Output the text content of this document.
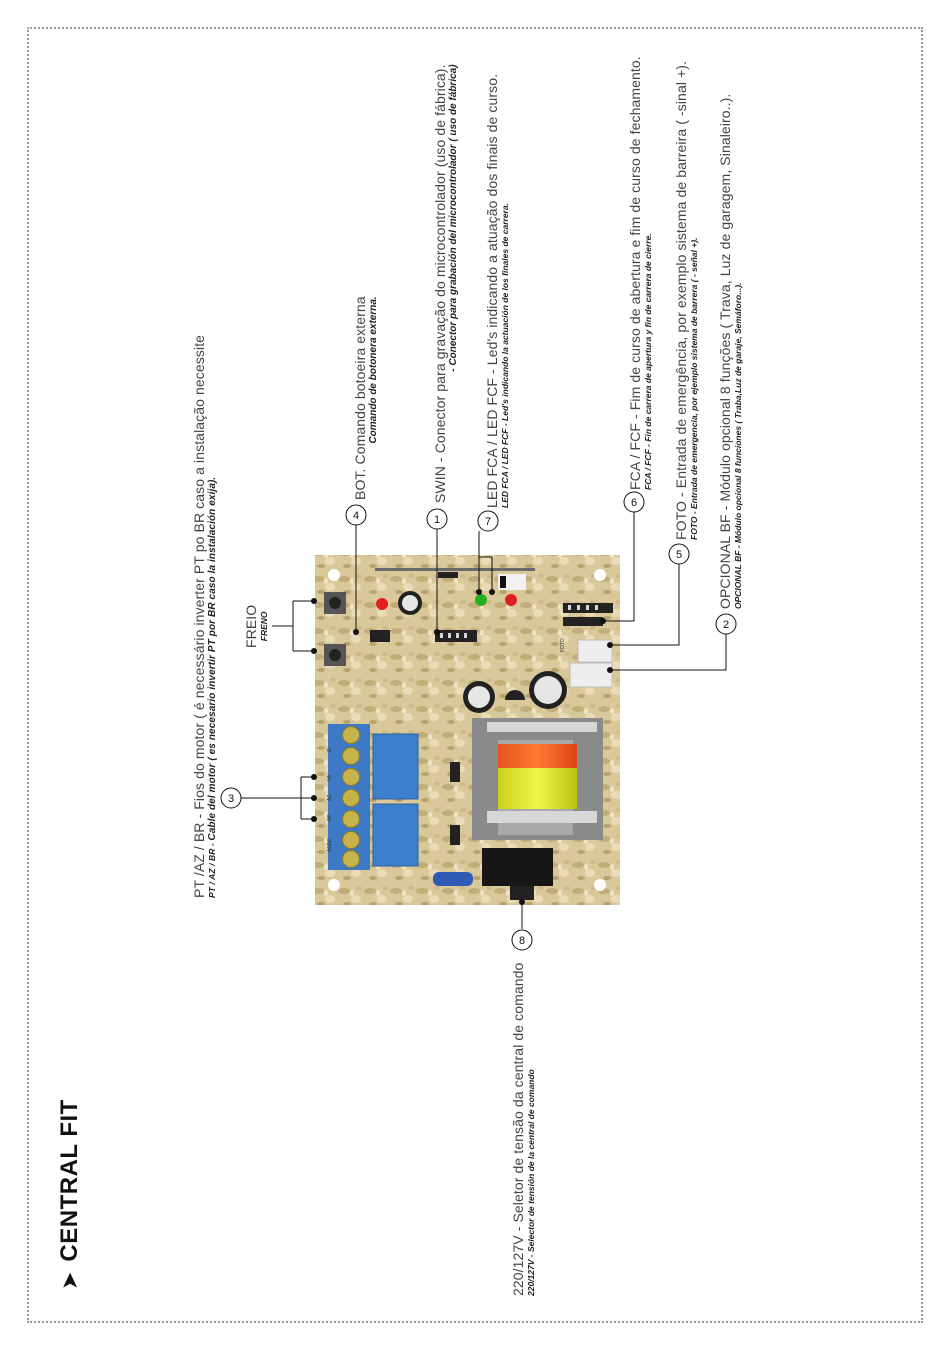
Ω
VA
AZ
BR
AEDE
FOTO
3
4	1	7
6
5
2
8
➤CENTRAL FIT
PT /AZ / BR - Fios do motor ( é necessário inverter PT po BR caso a instalação necessite PT / AZ / BR - Cable del motor ( es necesario invertir PT por BR caso la instalación exija). FREIO FRENO
BOT. Comando botoeira externa Comando de botonera externa.	SWIN - Conector para gravação do microcontrolador (uso de fábrica). - Conector para grabación del microcontrolador ( uso de fábrica) LED FCA / LED FCF - Led's indicando a atuação dos finais de curso. LED FCA / LED FCF - Led's indicando la actuación de los finales de carrera.	FCA / FCF - Fim de curso de abertura e fim de curso de fechamento. FCA / FCF - Fin de carrera de apertura y fin de carrera de cierre. FOTO - Entrada de emergência, por exemplo sistema de barreira ( -sinal +). FOTO - Entrada de emergencia, por ejemplo sistema de barrera ( - señal +). OPCIONAL BF - Módulo opcional 8 funções ( Trava, Luz de garagem, Sinaleiro..). OPCIONAL BF - Módulo opcional 8 funciones ( Traba,Luz de garaje, Semáforo...).
220/127V - Seletor de tensão da central de comando 220/127V - Selector de tensión de la central de comando
